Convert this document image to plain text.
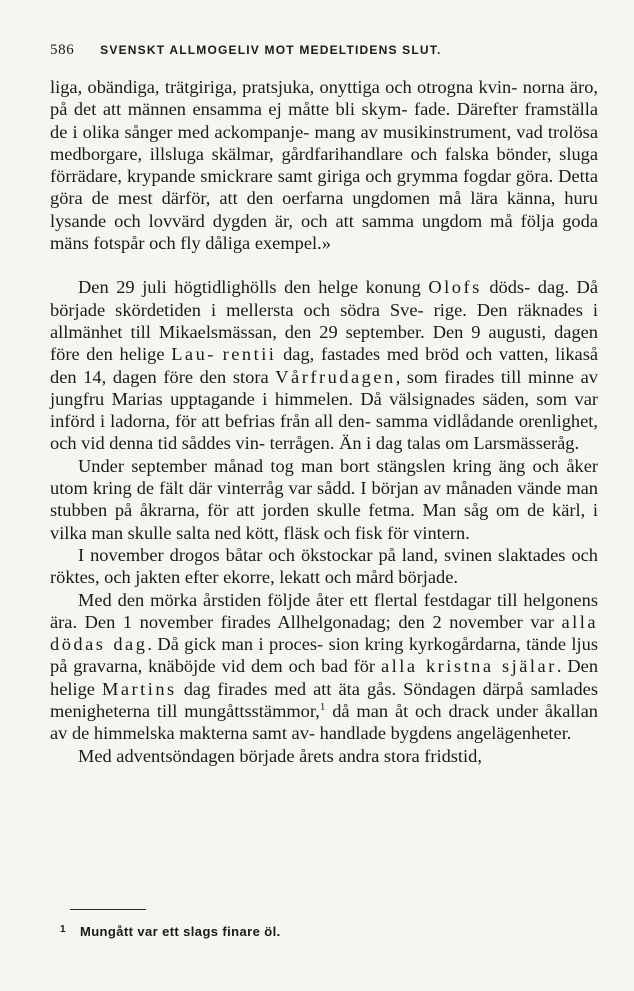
586 SVENSKT ALLMOGELIV MOT MEDELTIDENS SLUT.

liga, obändiga, trätgiriga, pratsjuka, onyttiga och otrogna kvin- norna äro, på det att männen ensamma ej måtte bli skym- fade. Därefter framställa de i olika sånger med ackompanje- mang av musikinstrument, vad trolösa medborgare, illsluga skälmar, gårdfarihandlare och falska bönder, sluga förrädare, krypande smickrare samt giriga och grymma fogdar göra. Detta göra de mest därför, att den oerfarna ungdomen må lära känna, huru lysande och lovvärd dygden är, och att samma ungdom må följa goda mäns fotspår och fly dåliga exempel.»

Den 29 juli högtidlighölls den helge konung Olofs döds- dag. Då började skördetiden i mellersta och södra Sve- rige. Den räknades i allmänhet till Mikaelsmässan, den 29 september. Den 9 augusti, dagen före den helige Lau- rentii dag, fastades med bröd och vatten, likaså den 14, dagen före den stora Vårfrudagen, som firades till minne av jungfru Marias upptagande i himmelen. Då välsignades säden, som var införd i ladorna, för att befrias från all den- samma vidlådande orenlighet, och vid denna tid såddes vin- terrågen. Än i dag talas om Larsmässeråg.

Under september månad tog man bort stängslen kring äng och åker utom kring de fält där vinterråg var sådd. I början av månaden vände man stubben på åkrarna, för att jorden skulle fetma. Man såg om de kärl, i vilka man skulle salta ned kött, fläsk och fisk för vintern.

I november drogos båtar och ökstockar på land, svinen slaktades och röktes, och jakten efter ekorre, lekatt och mård började.

Med den mörka årstiden följde åter ett flertal festdagar till helgonens ära. Den 1 november firades Allhelgonadag; den 2 november var alla dödas dag. Då gick man i proces- sion kring kyrkogårdarna, tände ljus på gravarna, knäböjde vid dem och bad för alla kristna själar. Den helige Martins dag firades med att äta gås. Söndagen därpå samlades menigheterna till mungåttsstämmor,$^1$ då man åt och drack under åkallan av de himmelska makterna samt av- handlade bygdens angelägenheter.

Med adventsöndagen började årets andra stora fridstid,

$^1$ Mungått var ett slags finare öl.
